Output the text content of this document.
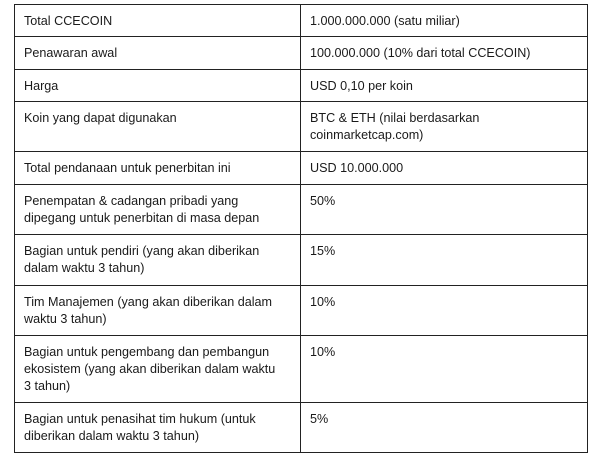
Total CCECOIN	1.000.000.000 (satu miliar)
Penawaran awal	100.000.000 (10% dari total CCECOIN)
Harga	USD 0,10 per koin
Koin yang dapat digunakan	BTC & ETH (nilai berdasarkan
coinmarketcap.com)
Total pendanaan untuk penerbitan ini	USD 10.000.000
Penempatan & cadangan pribadi yang
dipegang untuk penerbitan di masa depan	50%
Bagian untuk pendiri (yang akan diberikan
dalam waktu 3 tahun)	15%
Tim Manajemen (yang akan diberikan dalam
waktu 3 tahun)	10%
Bagian untuk pengembang dan pembangun
ekosistem (yang akan diberikan dalam waktu
3 tahun)	10%
Bagian untuk penasihat tim hukum (untuk
diberikan dalam waktu 3 tahun)	5%
